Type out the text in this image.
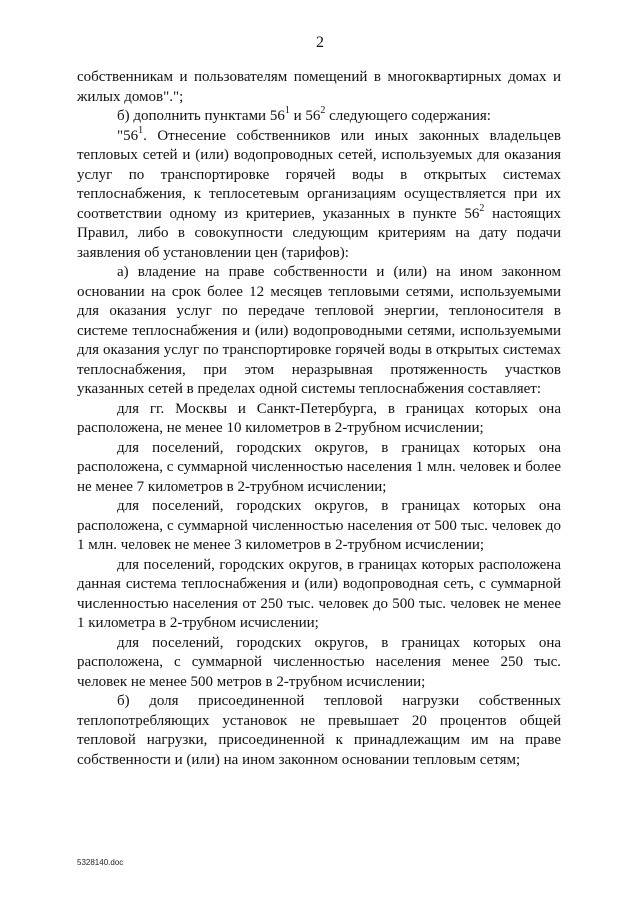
2

собственникам и пользователям помещений в многоквартирных домах и жилых домов".";

б) дополнить пунктами $56^1$ и $56^2$ следующего содержания:

"$56^1$. Отнесение собственников или иных законных владельцев тепловых сетей и (или) водопроводных сетей, используемых для оказания услуг по транспортировке горячей воды в открытых системах теплоснабжения, к теплосетевым организациям осуществляется при их соответствии одному из критериев, указанных в пункте $56^2$ настоящих Правил, либо в совокупности следующим критериям на дату подачи заявления об установлении цен (тарифов):

а) владение на праве собственности и (или) на ином законном основании на срок более 12 месяцев тепловыми сетями, используемыми для оказания услуг по передаче тепловой энергии, теплоносителя в системе теплоснабжения и (или) водопроводными сетями, используемыми для оказания услуг по транспортировке горячей воды в открытых системах теплоснабжения, при этом неразрывная протяженность участков указанных сетей в пределах одной системы теплоснабжения составляет:

для гг. Москвы и Санкт-Петербурга, в границах которых она расположена, не менее 10 километров в 2-трубном исчислении;

для поселений, городских округов, в границах которых она расположена, с суммарной численностью населения 1 млн. человек и более не менее 7 километров в 2-трубном исчислении;

для поселений, городских округов, в границах которых она расположена, с суммарной численностью населения от 500 тыс. человек до 1 млн. человек не менее 3 километров в 2-трубном исчислении;

для поселений, городских округов, в границах которых расположена данная система теплоснабжения и (или) водопроводная сеть, с суммарной численностью населения от 250 тыс. человек до 500 тыс. человек не менее 1 километра в 2-трубном исчислении;

для поселений, городских округов, в границах которых она расположена, с суммарной численностью населения менее 250 тыс. человек не менее 500 метров в 2-трубном исчислении;

б) доля присоединенной тепловой нагрузки собственных теплопотребляющих установок не превышает 20 процентов общей тепловой нагрузки, присоединенной к принадлежащим им на праве собственности и (или) на ином законном основании тепловым сетям;

5328140.doc
